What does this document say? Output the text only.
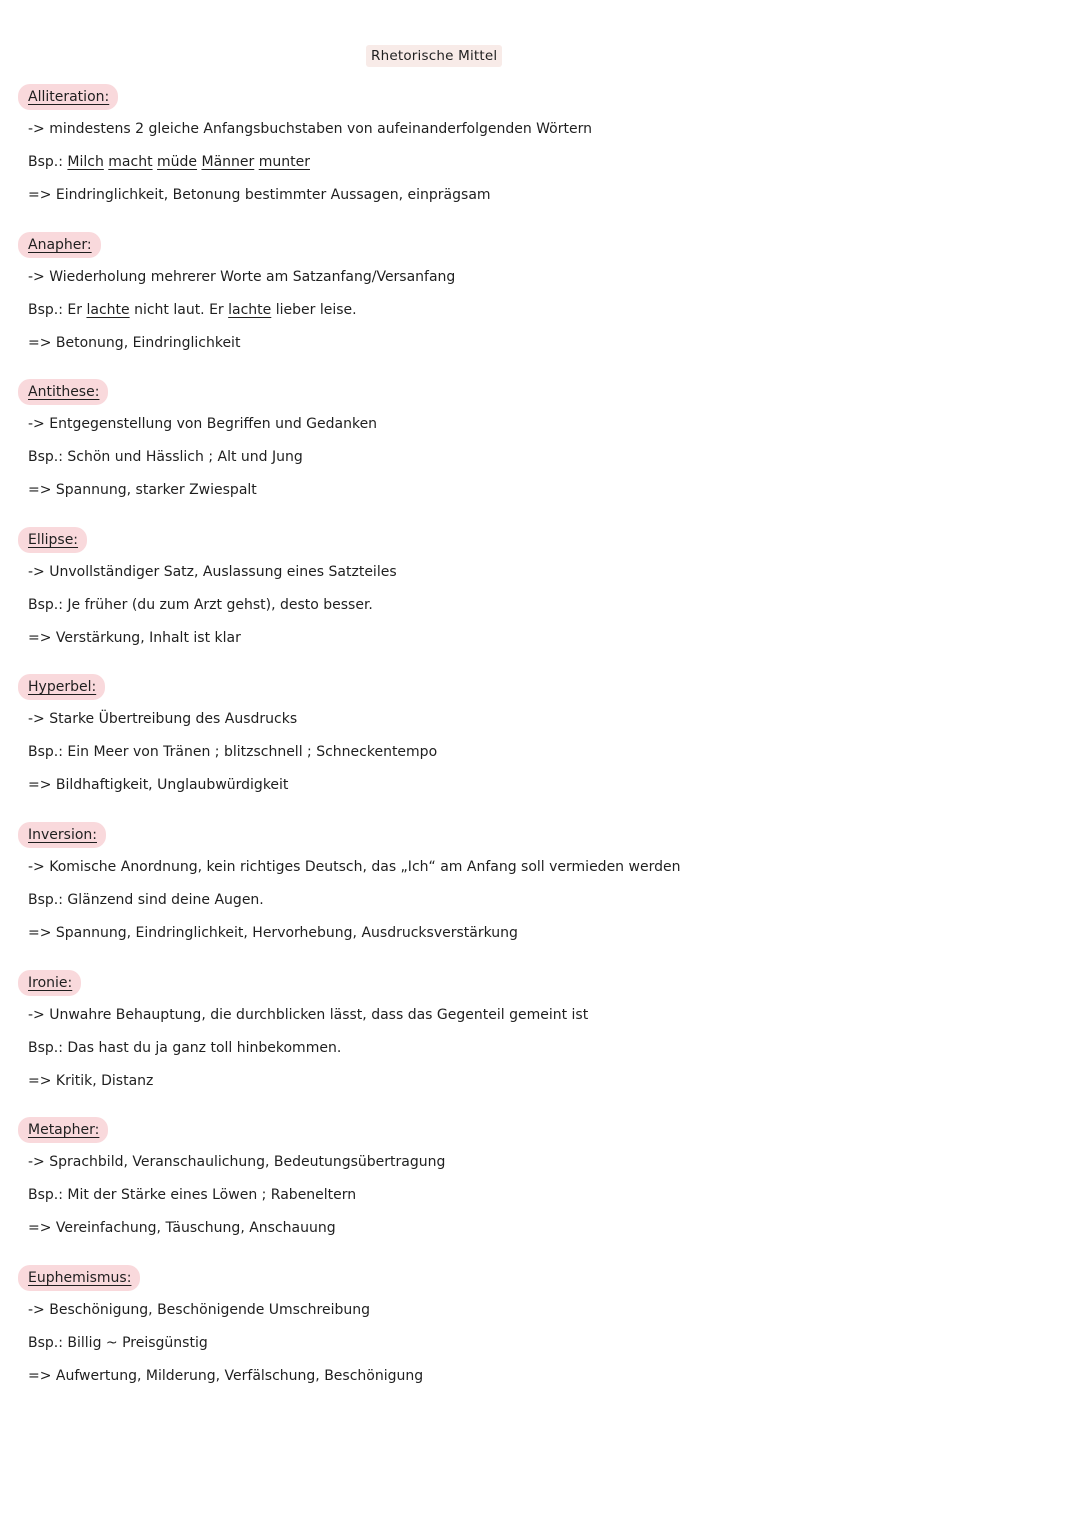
Rhetorische Mittel
Alliteration:
-> mindestens 2 gleiche Anfangsbuchstaben von aufeinanderfolgenden Wörtern
Bsp.: Milch macht müde Männer munter
=> Eindringlichkeit, Betonung bestimmter Aussagen, einprägsam
Anapher:
-> Wiederholung mehrerer Worte am Satzanfang/Versanfang
Bsp.: Er lachte nicht laut. Er lachte lieber leise.
=> Betonung, Eindringlichkeit
Antithese:
-> Entgegenstellung von Begriffen und Gedanken
Bsp.: Schön und Hässlich ; Alt und Jung
=> Spannung, starker Zwiespalt
Ellipse:
-> Unvollständiger Satz, Auslassung eines Satzteiles
Bsp.: Je früher (du zum Arzt gehst), desto besser.
=> Verstärkung, Inhalt ist klar
Hyperbel:
-> Starke Übertreibung des Ausdrucks
Bsp.: Ein Meer von Tränen ; blitzschnell ; Schneckentempo
=> Bildhaftigkeit, Unglaubwürdigkeit
Inversion:
-> Komische Anordnung, kein richtiges Deutsch, das „Ich“ am Anfang soll vermieden werden
Bsp.: Glänzend sind deine Augen.
=> Spannung, Eindringlichkeit, Hervorhebung, Ausdrucksverstärkung
Ironie:
-> Unwahre Behauptung, die durchblicken lässt, dass das Gegenteil gemeint ist
Bsp.: Das hast du ja ganz toll hinbekommen.
=> Kritik, Distanz
Metapher:
-> Sprachbild, Veranschaulichung, Bedeutungsübertragung
Bsp.: Mit der Stärke eines Löwen ; Rabeneltern
=> Vereinfachung, Täuschung, Anschauung
Euphemismus:
-> Beschönigung, Beschönigende Umschreibung
Bsp.: Billig ~ Preisgünstig
=> Aufwertung, Milderung, Verfälschung, Beschönigung
